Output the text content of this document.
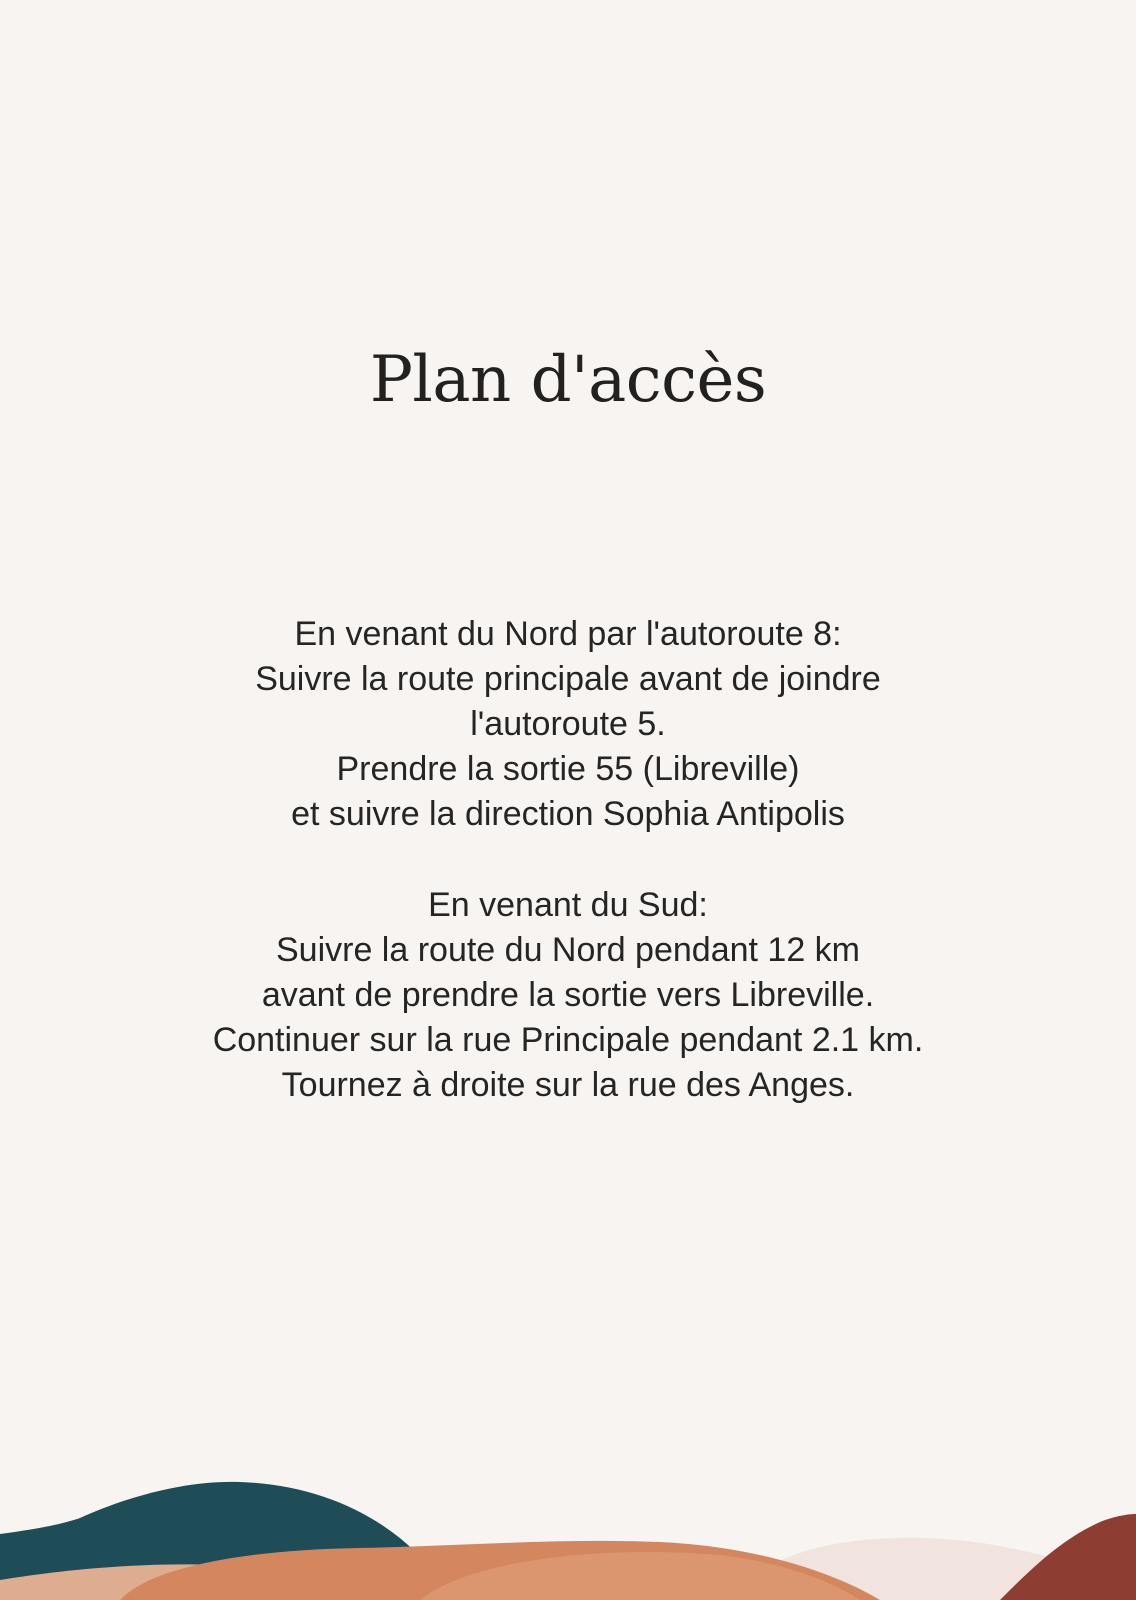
Plan d'accès
En venant du Nord par l'autoroute 8:
Suivre la route principale avant de joindre
l'autoroute 5.
Prendre la sortie 55 (Libreville)
et suivre la direction Sophia Antipolis
En venant du Sud:
Suivre la route du Nord pendant 12 km
avant de prendre la sortie vers Libreville.
Continuer sur la rue Principale pendant 2.1 km.
Tournez à droite sur la rue des Anges.
